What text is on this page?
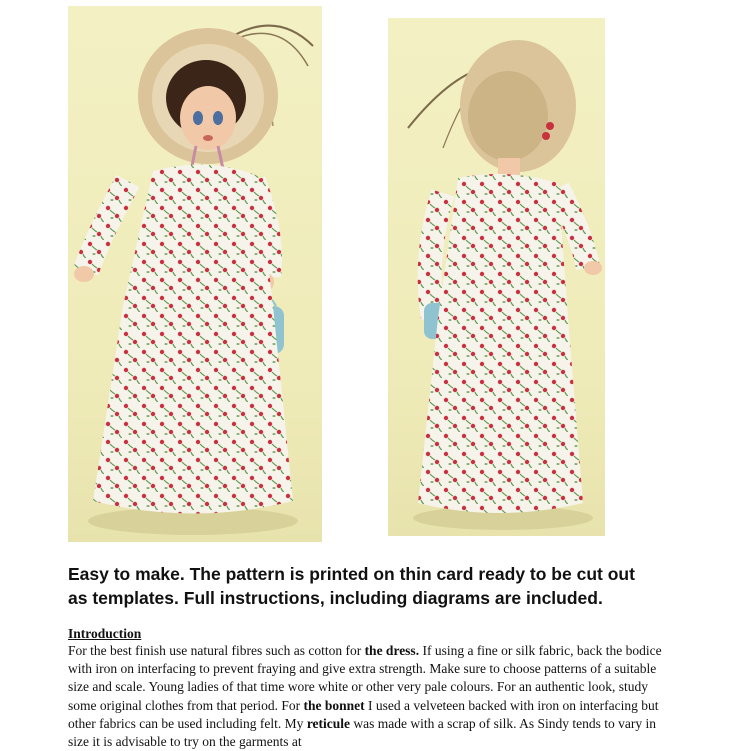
Easy to make. The pattern is printed on thin card ready to be cut out
as templates. Full instructions, including diagrams are included.
Introduction

For the best finish use natural fibres such as cotton for the dress. If using a fine or silk fabric, back the bodice with iron on interfacing to prevent fraying and give extra strength. Make sure to choose patterns of a suitable size and scale. Young ladies of that time wore white or other very pale colours. For an authentic look, study some original clothes from that period. For the bonnet I used a velveteen backed with iron on interfacing but other fabrics can be used including felt. My reticule was made with a scrap of silk. As Sindy tends to vary in size it is advisable to try on the garments at
